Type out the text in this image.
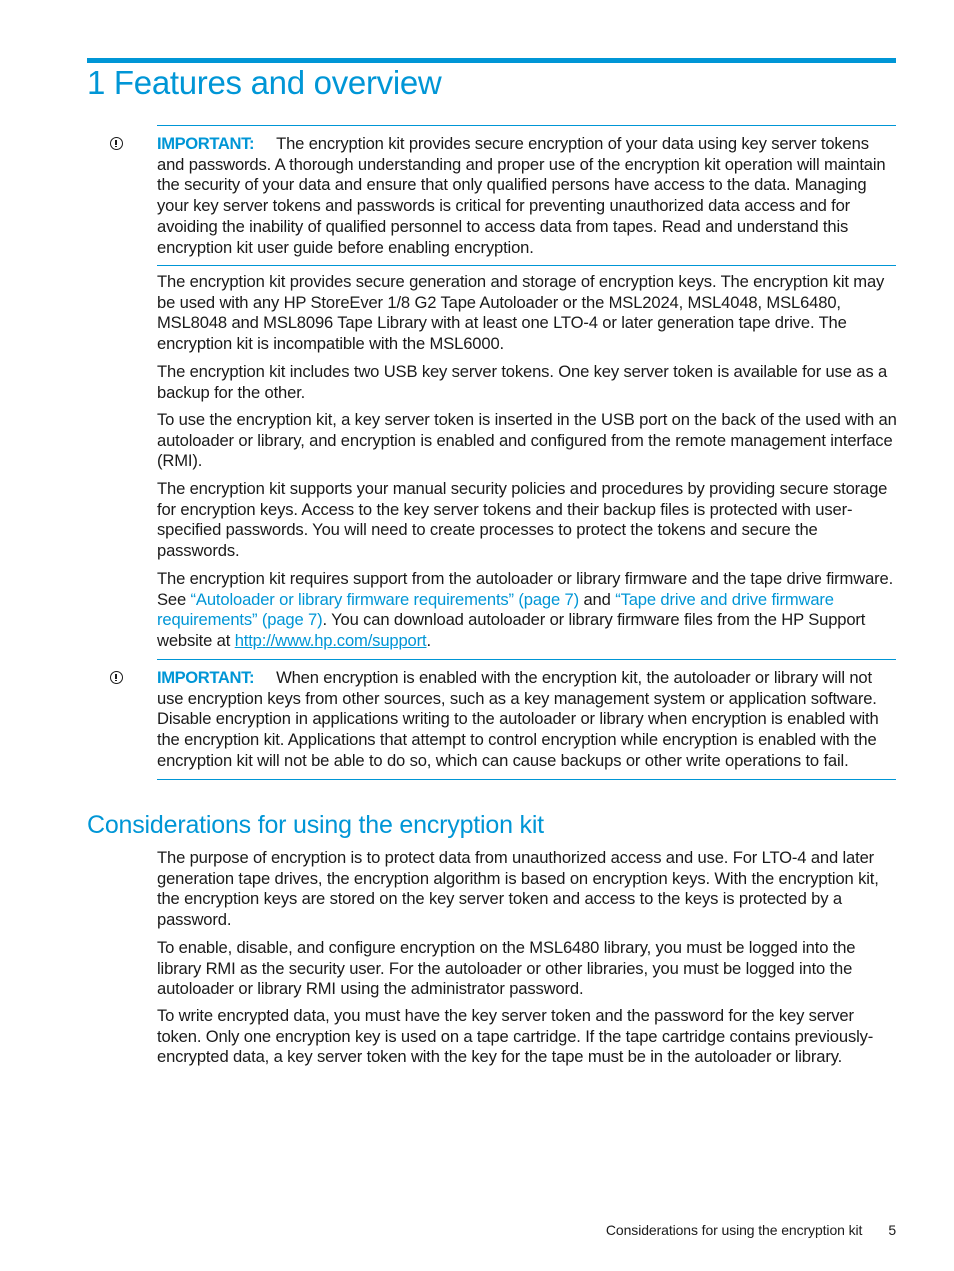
1 Features and overview

IMPORTANT: The encryption kit provides secure encryption of your data using key server tokens and passwords. A thorough understanding and proper use of the encryption kit operation will maintain the security of your data and ensure that only qualified persons have access to the data. Managing your key server tokens and passwords is critical for preventing unauthorized data access and for avoiding the inability of qualified personnel to access data from tapes. Read and understand this encryption kit user guide before enabling encryption.

The encryption kit provides secure generation and storage of encryption keys. The encryption kit may be used with any HP StoreEver 1/8 G2 Tape Autoloader or the MSL2024, MSL4048, MSL6480, MSL8048 and MSL8096 Tape Library with at least one LTO-4 or later generation tape drive. The encryption kit is incompatible with the MSL6000.

The encryption kit includes two USB key server tokens. One key server token is available for use as a backup for the other.

To use the encryption kit, a key server token is inserted in the USB port on the back of the used with an autoloader or library, and encryption is enabled and configured from the remote management interface (RMI).

The encryption kit supports your manual security policies and procedures by providing secure storage for encryption keys. Access to the key server tokens and their backup files is protected with user-specified passwords. You will need to create processes to protect the tokens and secure the passwords.

The encryption kit requires support from the autoloader or library firmware and the tape drive firmware. See “Autoloader or library firmware requirements” (page 7) and “Tape drive and drive firmware requirements” (page 7). You can download autoloader or library firmware files from the HP Support website at http://www.hp.com/support.

IMPORTANT: When encryption is enabled with the encryption kit, the autoloader or library will not use encryption keys from other sources, such as a key management system or application software. Disable encryption in applications writing to the autoloader or library when encryption is enabled with the encryption kit. Applications that attempt to control encryption while encryption is enabled with the encryption kit will not be able to do so, which can cause backups or other write operations to fail.

Considerations for using the encryption kit

The purpose of encryption is to protect data from unauthorized access and use. For LTO-4 and later generation tape drives, the encryption algorithm is based on encryption keys. With the encryption kit, the encryption keys are stored on the key server token and access to the keys is protected by a password.

To enable, disable, and configure encryption on the MSL6480 library, you must be logged into the library RMI as the security user. For the autoloader or other libraries, you must be logged into the autoloader or library RMI using the administrator password.

To write encrypted data, you must have the key server token and the password for the key server token. Only one encryption key is used on a tape cartridge. If the tape cartridge contains previously-encrypted data, a key server token with the key for the tape must be in the autoloader or library.

Considerations for using the encryption kit 5
